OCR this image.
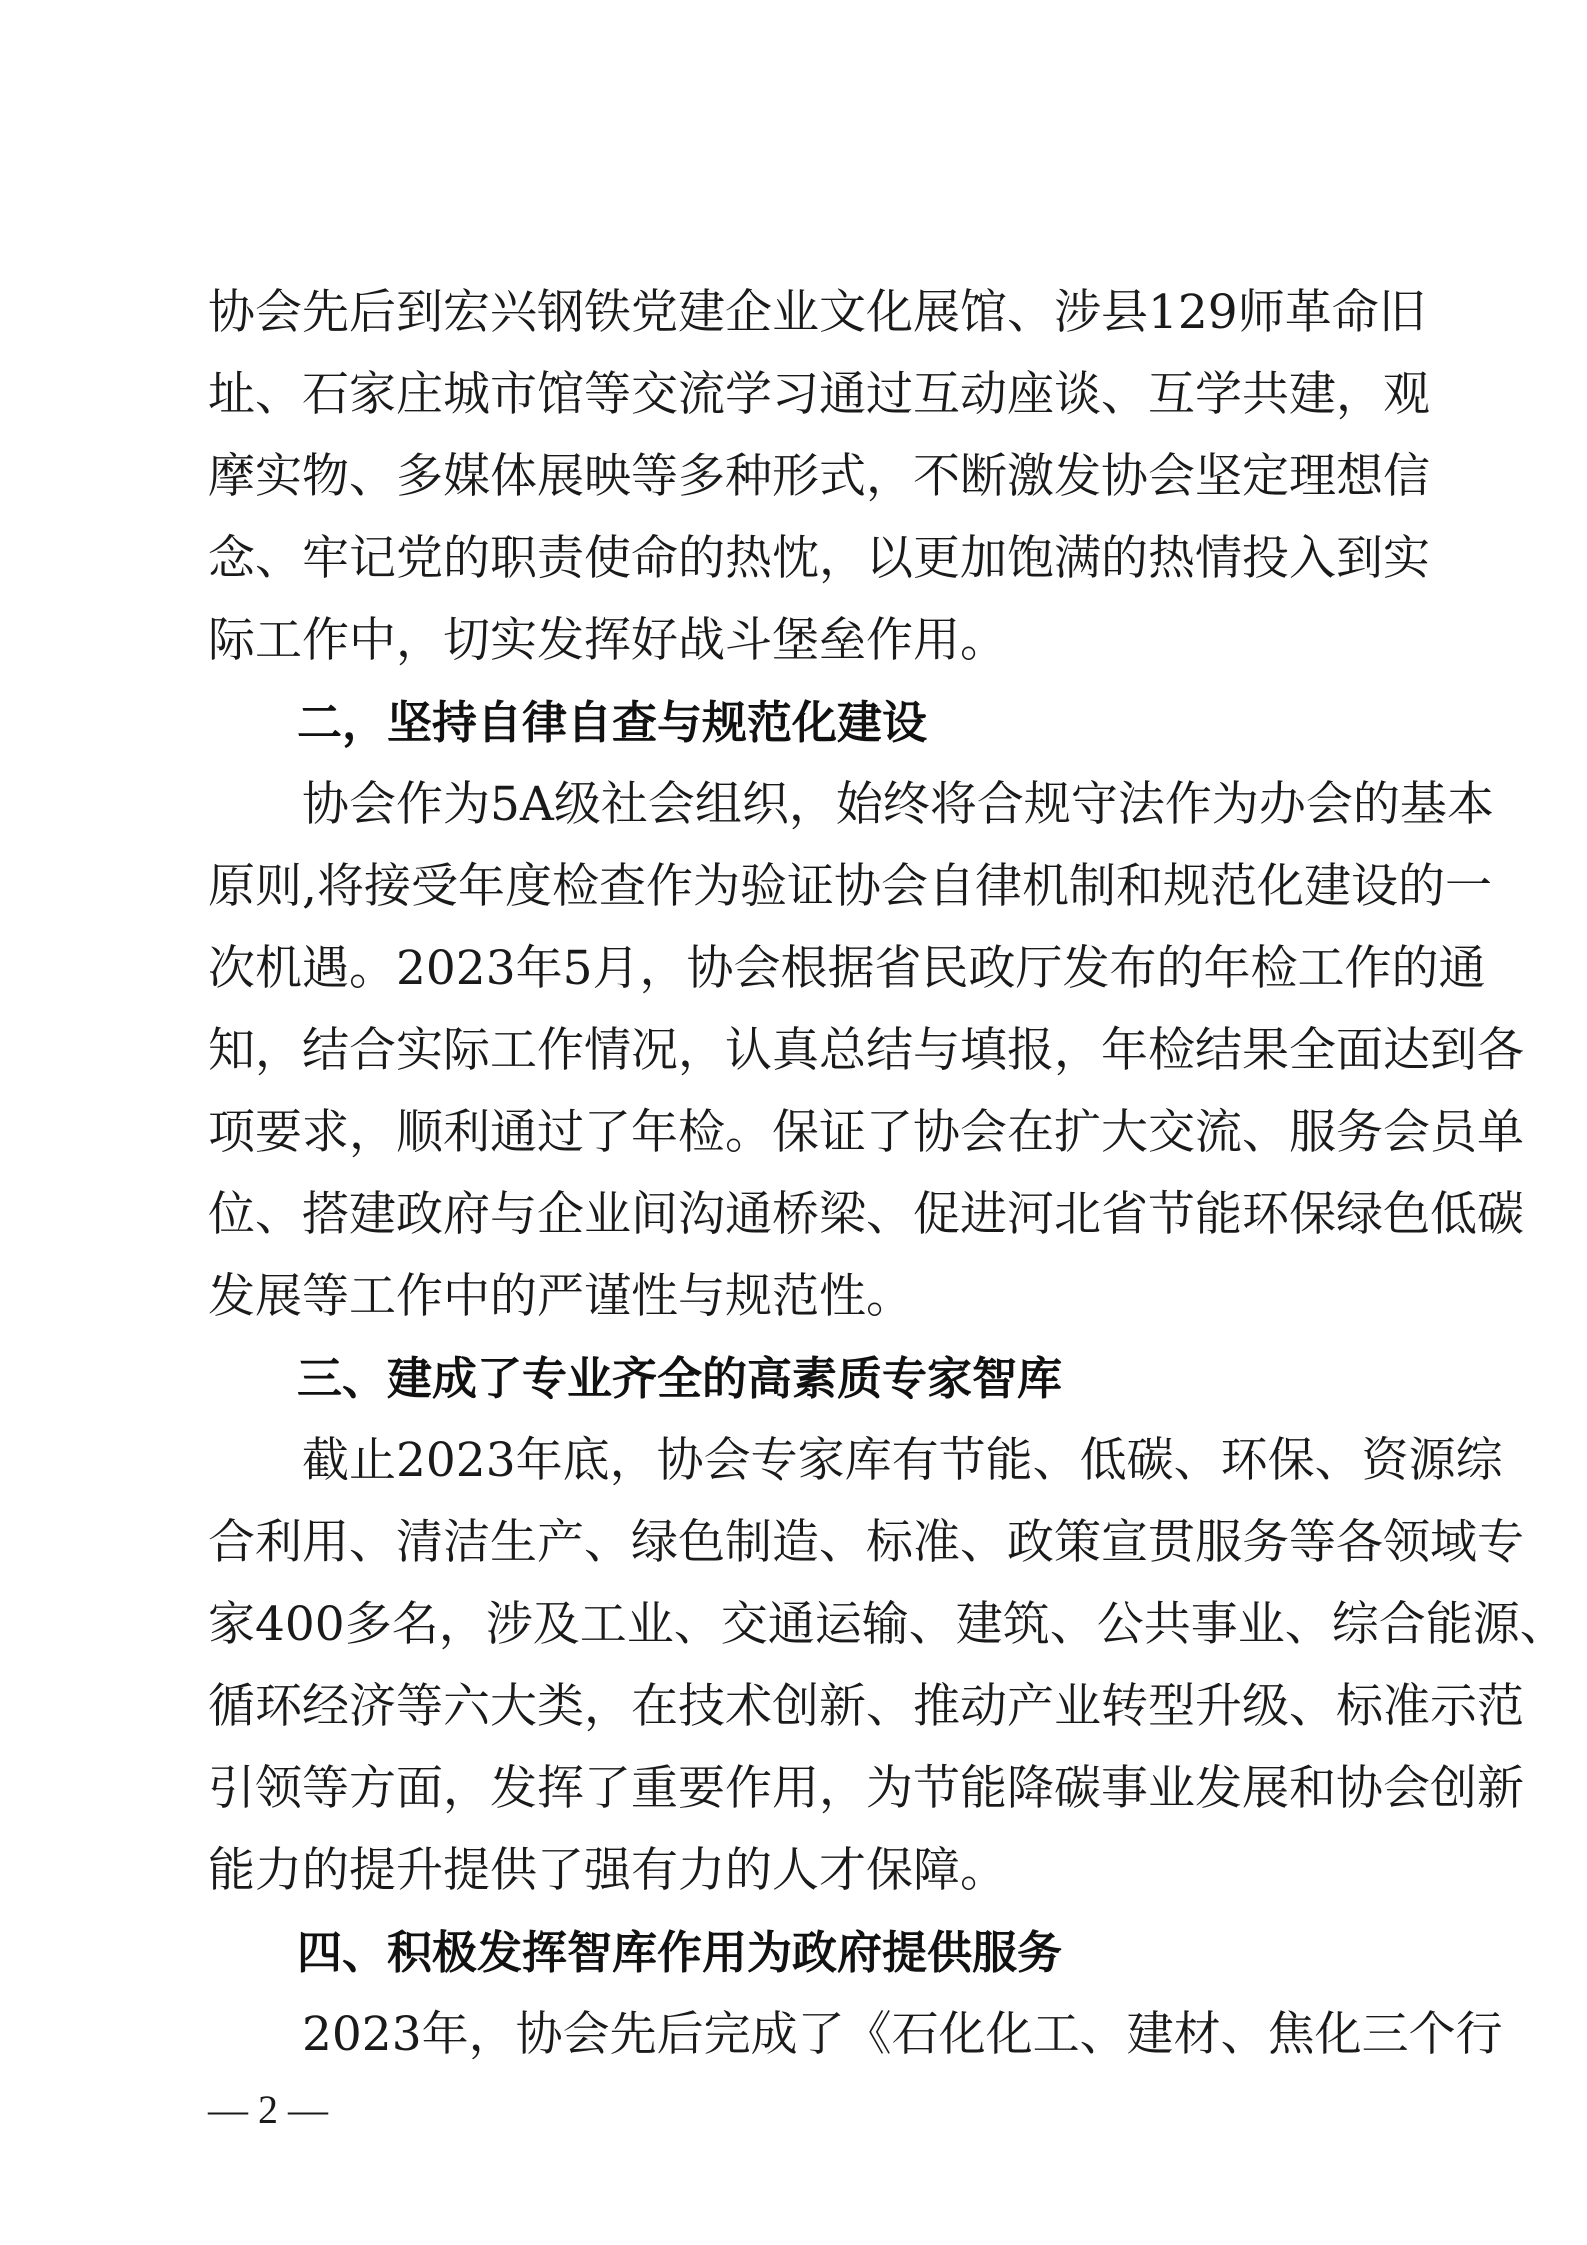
协会先后到宏兴钢铁党建企业文化展馆、涉县129师革命旧

址、石家庄城市馆等交流学习通过互动座谈、互学共建，观

摩实物、多媒体展映等多种形式，不断激发协会坚定理想信

念、牢记党的职责使命的热忱，以更加饱满的热情投入到实

际工作中，切实发挥好战斗堡垒作用。

二，坚持自律自查与规范化建设

协会作为5A级社会组织，始终将合规守法作为办会的基本

原则,将接受年度检查作为验证协会自律机制和规范化建设的一

次机遇。2023年5月，协会根据省民政厅发布的年检工作的通

知，结合实际工作情况，认真总结与填报，年检结果全面达到各

项要求，顺利通过了年检。保证了协会在扩大交流、服务会员单

位、搭建政府与企业间沟通桥梁、促进河北省节能环保绿色低碳

发展等工作中的严谨性与规范性。

三、建成了专业齐全的高素质专家智库

截止2023年底，协会专家库有节能、低碳、环保、资源综

合利用、清洁生产、绿色制造、标准、政策宣贯服务等各领域专

家400多名，涉及工业、交通运输、建筑、公共事业、综合能源、

循环经济等六大类，在技术创新、推动产业转型升级、标准示范

引领等方面，发挥了重要作用，为节能降碳事业发展和协会创新

能力的提升提供了强有力的人才保障。

四、积极发挥智库作用为政府提供服务

2023年，协会先后完成了《石化化工、建材、焦化三个行

— 2 —
